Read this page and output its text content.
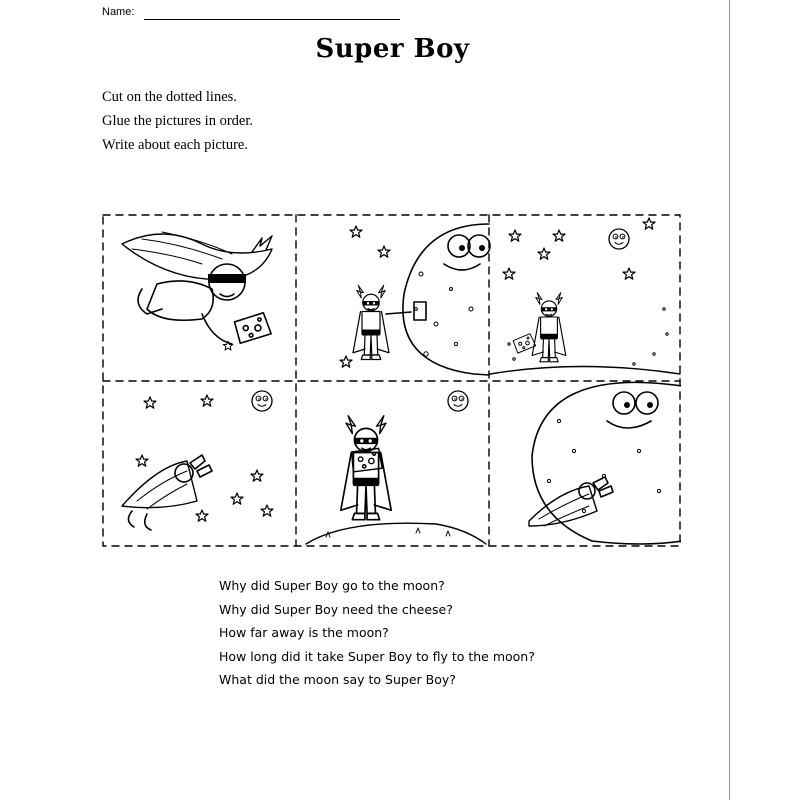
Name:
Super Boy
Cut on the dotted lines.
Glue the pictures in order.
Write about each picture.
Why did Super Boy go to the moon?
Why did Super Boy need the cheese?
How far away is the moon?
How long did it take Super Boy to fly to the moon?
What did the moon say to Super Boy?
